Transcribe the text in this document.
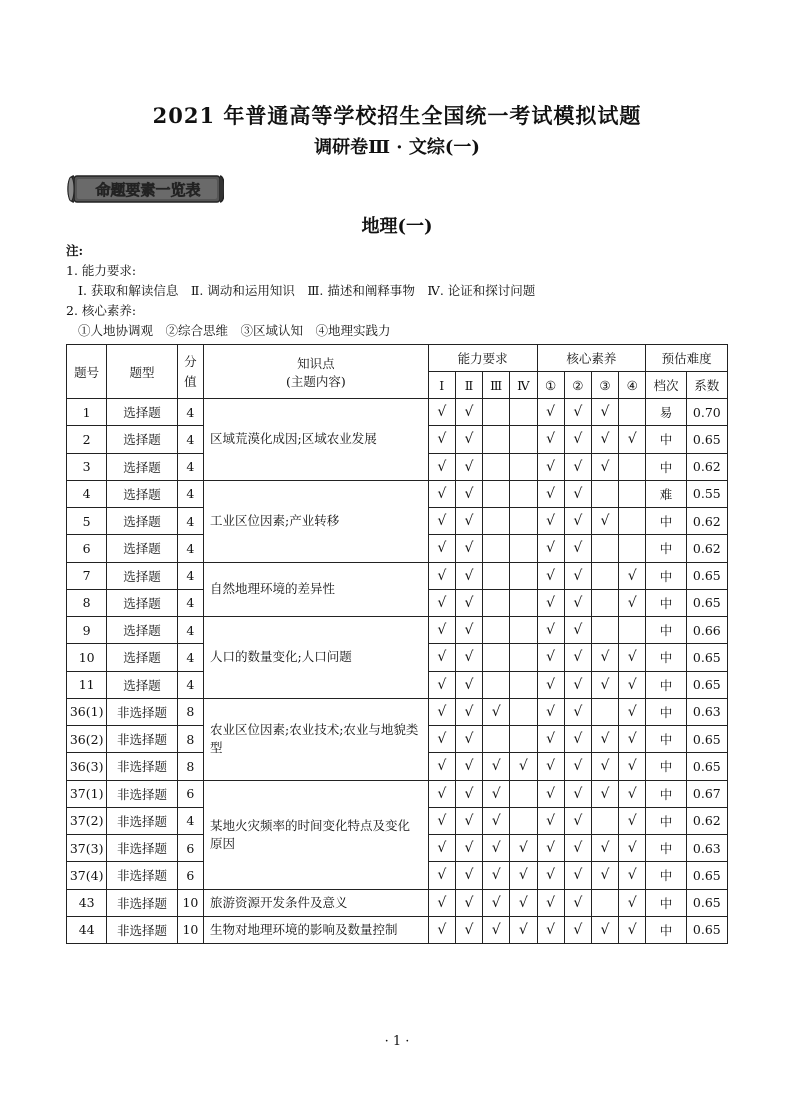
2021 年普通高等学校招生全国统一考试模拟试题
调研卷Ⅲ · 文综(一)
命题要素一览表
地理(一)
注:
1. 能力要求:
Ⅰ. 获取和解读信息　Ⅱ. 调动和运用知识　Ⅲ. 描述和阐释事物　Ⅳ. 论证和探讨问题
2. 核心素养:
①人地协调观　②综合思维　③区域认知　④地理实践力
题号	题型	分值	知识点
(主题内容)	能力要求				核心素养				预估难度	
				Ⅰ	Ⅱ	Ⅲ	Ⅳ	①	②	③	④	档次	系数
1	选择题	4	区域荒漠化成因;区域农业发展	√	√			√	√	√		易	0.70
2	选择题	4		√	√			√	√	√	√	中	0.65
3	选择题	4		√	√			√	√	√		中	0.62
4	选择题	4	工业区位因素;产业转移	√	√			√	√			难	0.55
5	选择题	4		√	√			√	√	√		中	0.62
6	选择题	4		√	√			√	√			中	0.62
7	选择题	4	自然地理环境的差异性	√	√			√	√		√	中	0.65
8	选择题	4		√	√			√	√		√	中	0.65
9	选择题	4	人口的数量变化;人口问题	√	√			√	√			中	0.66
10	选择题	4		√	√			√	√	√	√	中	0.65
11	选择题	4		√	√			√	√	√	√	中	0.65
36(1)	非选择题	8	农业区位因素;农业技术;农业与地貌类型	√	√	√		√	√		√	中	0.63
36(2)	非选择题	8		√	√			√	√	√	√	中	0.65
36(3)	非选择题	8		√	√	√	√	√	√	√	√	中	0.65
37(1)	非选择题	6	某地火灾频率的时间变化特点及变化原因	√	√	√		√	√	√	√	中	0.67
37(2)	非选择题	4		√	√	√		√	√		√	中	0.62
37(3)	非选择题	6		√	√	√	√	√	√	√	√	中	0.63
37(4)	非选择题	6		√	√	√	√	√	√	√	√	中	0.65
43	非选择题	10	旅游资源开发条件及意义	√	√	√	√	√	√		√	中	0.65
44	非选择题	10	生物对地理环境的影响及数量控制	√	√	√	√	√	√	√	√	中	0.65
· 1 ·
